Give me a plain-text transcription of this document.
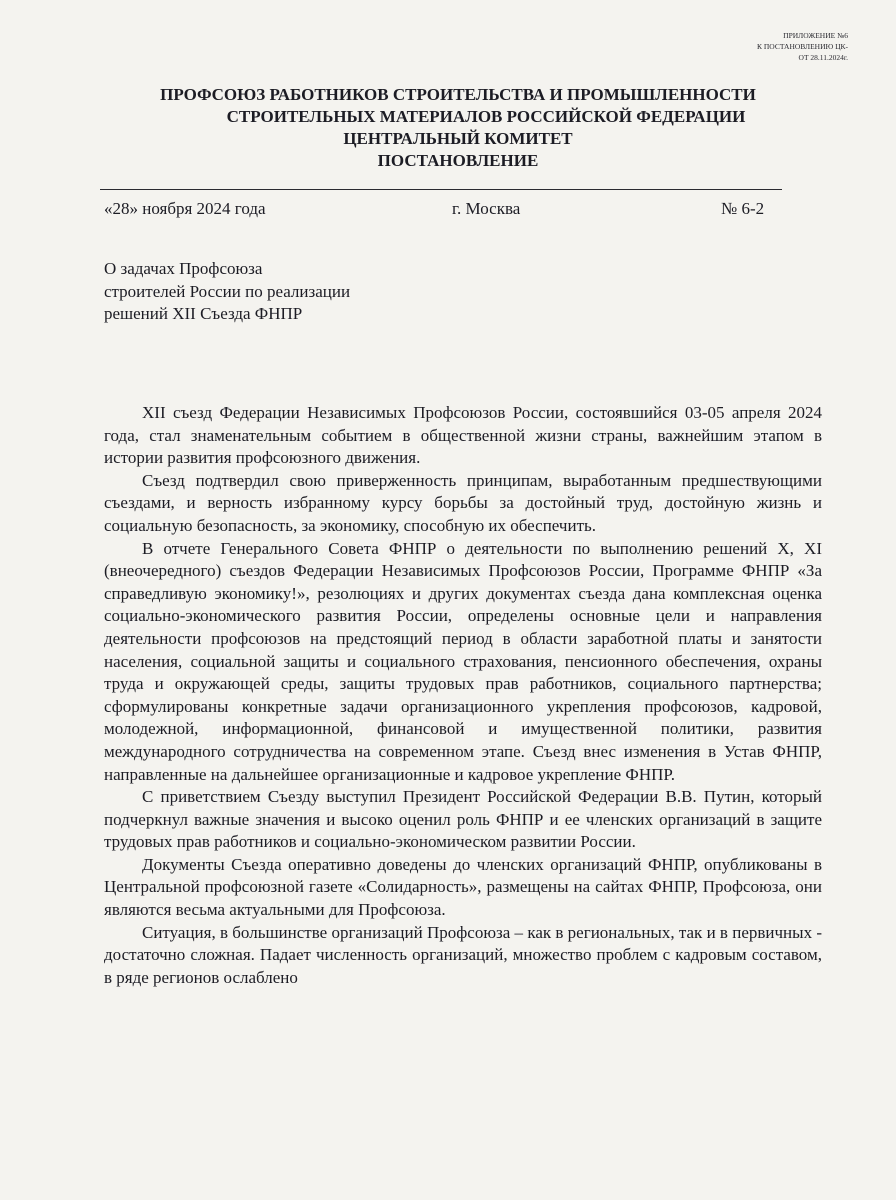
ПРИЛОЖЕНИЕ №6
К ПОСТАНОВЛЕНИЮ ЦК-
ОТ 28.11.2024г.
ПРОФСОЮЗ РАБОТНИКОВ СТРОИТЕЛЬСТВА И ПРОМЫШЛЕННОСТИ
СТРОИТЕЛЬНЫХ МАТЕРИАЛОВ РОССИЙСКОЙ ФЕДЕРАЦИИ
ЦЕНТРАЛЬНЫЙ КОМИТЕТ
ПОСТАНОВЛЕНИЕ
«28» ноября 2024 года	г. Москва	№ 6-2
О задачах Профсоюза
строителей России по реализации
решений XII Съезда ФНПР

XII съезд Федерации Независимых Профсоюзов России, состоявшийся 03-05 апреля 2024 года, стал знаменательным событием в общественной жизни страны, важнейшим этапом в истории развития профсоюзного движения.

Съезд подтвердил свою приверженность принципам, выработанным предшествующими съездами, и верность избранному курсу борьбы за достойный труд, достойную жизнь и социальную безопасность, за экономику, способную их обеспечить.

В отчете Генерального Совета ФНПР о деятельности по выполнению решений X, XI (внеочередного) съездов Федерации Независимых Профсоюзов России, Программе ФНПР «За справедливую экономику!», резолюциях и других документах съезда дана комплексная оценка социально-экономического развития России, определены основные цели и направления деятельности профсоюзов на предстоящий период в области заработной платы и занятости населения, социальной защиты и социального страхования, пенсионного обеспечения, охраны труда и окружающей среды, защиты трудовых прав работников, социального партнерства; сформулированы конкретные задачи организационного укрепления профсоюзов, кадровой, молодежной, информационной, финансовой и имущественной политики, развития международного сотрудничества на современном этапе. Съезд внес изменения в Устав ФНПР, направленные на дальнейшее организационные и кадровое укрепление ФНПР.

С приветствием Съезду выступил Президент Российской Федерации В.В. Путин, который подчеркнул важные значения и высоко оценил роль ФНПР и ее членских организаций в защите трудовых прав работников и социально-экономическом развитии России.

Документы Съезда оперативно доведены до членских организаций ФНПР, опубликованы в Центральной профсоюзной газете «Солидарность», размещены на сайтах ФНПР, Профсоюза, они являются весьма актуальными для Профсоюза.

Ситуация, в большинстве организаций Профсоюза – как в региональных, так и в первичных - достаточно сложная. Падает численность организаций, множество проблем с кадровым составом, в ряде регионов ослаблено
